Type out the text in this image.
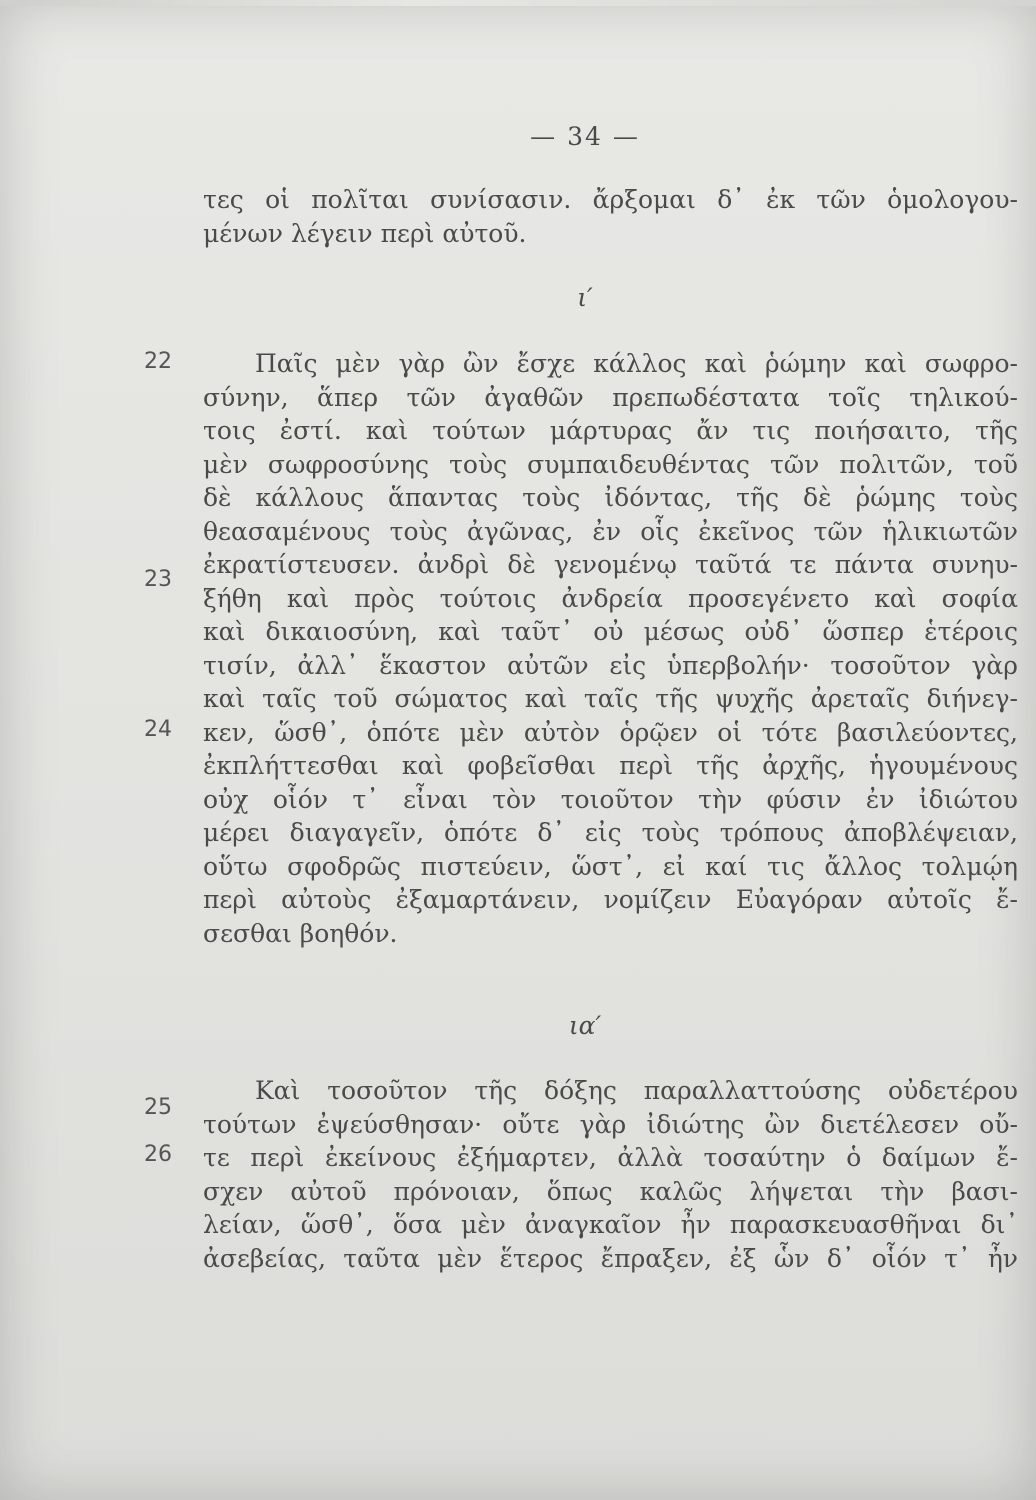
— 34 —
τες οἱ πολῖται συνίσασιν. ἄρξομαι δ᾽ ἐκ τῶν ὁμολογου-
μένων λέγειν περὶ αὐτοῦ.
ι′
22
23
24
Παῖς μὲν γὰρ ὢν ἔσχε κάλλος καὶ ῥώμην καὶ σωφρο-
σύνην, ἅπερ τῶν ἀγαθῶν πρεπωδέστατα τοῖς τηλικού-
τοις ἐστί. καὶ τούτων μάρτυρας ἄν τις ποιήσαιτο, τῆς
μὲν σωφροσύνης τοὺς συμπαιδευθέντας τῶν πολιτῶν, τοῦ
δὲ κάλλους ἅπαντας τοὺς ἰδόντας, τῆς δὲ ῥώμης τοὺς
θεασαμένους τοὺς ἀγῶνας, ἐν οἷς ἐκεῖνος τῶν ἡλικιωτῶν
ἐκρατίστευσεν. ἀνδρὶ δὲ γενομένῳ ταῦτά τε πάντα συνηυ-
ξήθη καὶ πρὸς τούτοις ἀνδρεία προσεγένετο καὶ σοφία
καὶ δικαιοσύνη, καὶ ταῦτ᾽ οὐ μέσως οὐδ᾽ ὥσπερ ἑτέροις
τισίν, ἀλλ᾽ ἕκαστον αὐτῶν εἰς ὑπερβολήν· τοσοῦτον γὰρ
καὶ ταῖς τοῦ σώματος καὶ ταῖς τῆς ψυχῆς ἀρεταῖς διήνεγ-
κεν, ὥσθ᾽, ὁπότε μὲν αὐτὸν ὁρῷεν οἱ τότε βασιλεύοντες,
ἐκπλήττεσθαι καὶ φοβεῖσθαι περὶ τῆς ἀρχῆς, ἡγουμένους
οὐχ οἷόν τ᾽ εἶναι τὸν τοιοῦτον τὴν φύσιν ἐν ἰδιώτου
μέρει διαγαγεῖν, ὁπότε δ᾽ εἰς τοὺς τρόπους ἀποβλέψειαν,
οὕτω σφοδρῶς πιστεύειν, ὥστ᾽, εἰ καί τις ἄλλος τολμῴη
περὶ αὐτοὺς ἐξαμαρτάνειν, νομίζειν Εὐαγόραν αὐτοῖς ἔ-
σεσθαι βοηθόν.
ια′
25
26
Καὶ τοσοῦτον τῆς δόξης παραλλαττούσης οὐδετέρου
τούτων ἐψεύσθησαν· οὔτε γὰρ ἰδιώτης ὢν διετέλεσεν οὔ-
τε περὶ ἐκείνους ἐξήμαρτεν, ἀλλὰ τοσαύτην ὁ δαίμων ἔ-
σχεν αὐτοῦ πρόνοιαν, ὅπως καλῶς λήψεται τὴν βασι-
λείαν, ὥσθ᾽, ὅσα μὲν ἀναγκαῖον ἦν παρασκευασθῆναι δι᾽
ἀσεβείας, ταῦτα μὲν ἕτερος ἔπραξεν, ἐξ ὧν δ᾽ οἷόν τ᾽ ἦν
